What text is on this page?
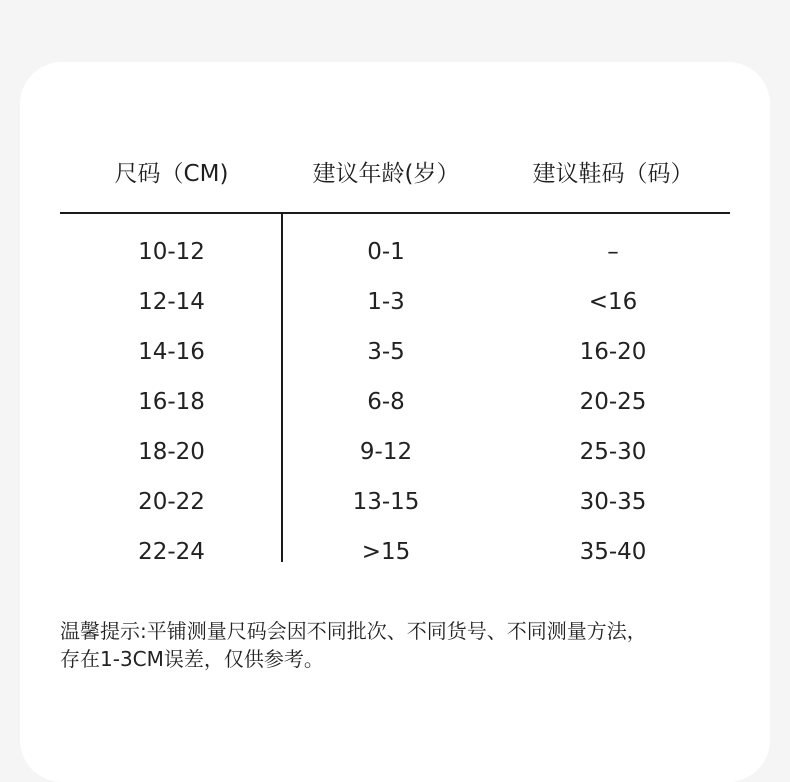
尺码（CM)	建议年龄(岁）	建议鞋码（码）
10-12	0-1	–
12-14	1-3	<16
14-16	3-5	16-20
16-18	6-8	20-25
18-20	9-12	25-30
20-22	13-15	30-35
22-24	>15	35-40
温馨提示:平铺测量尺码会因不同批次、不同货号、不同测量方法，
存在1-3CM误差，仅供参考。
